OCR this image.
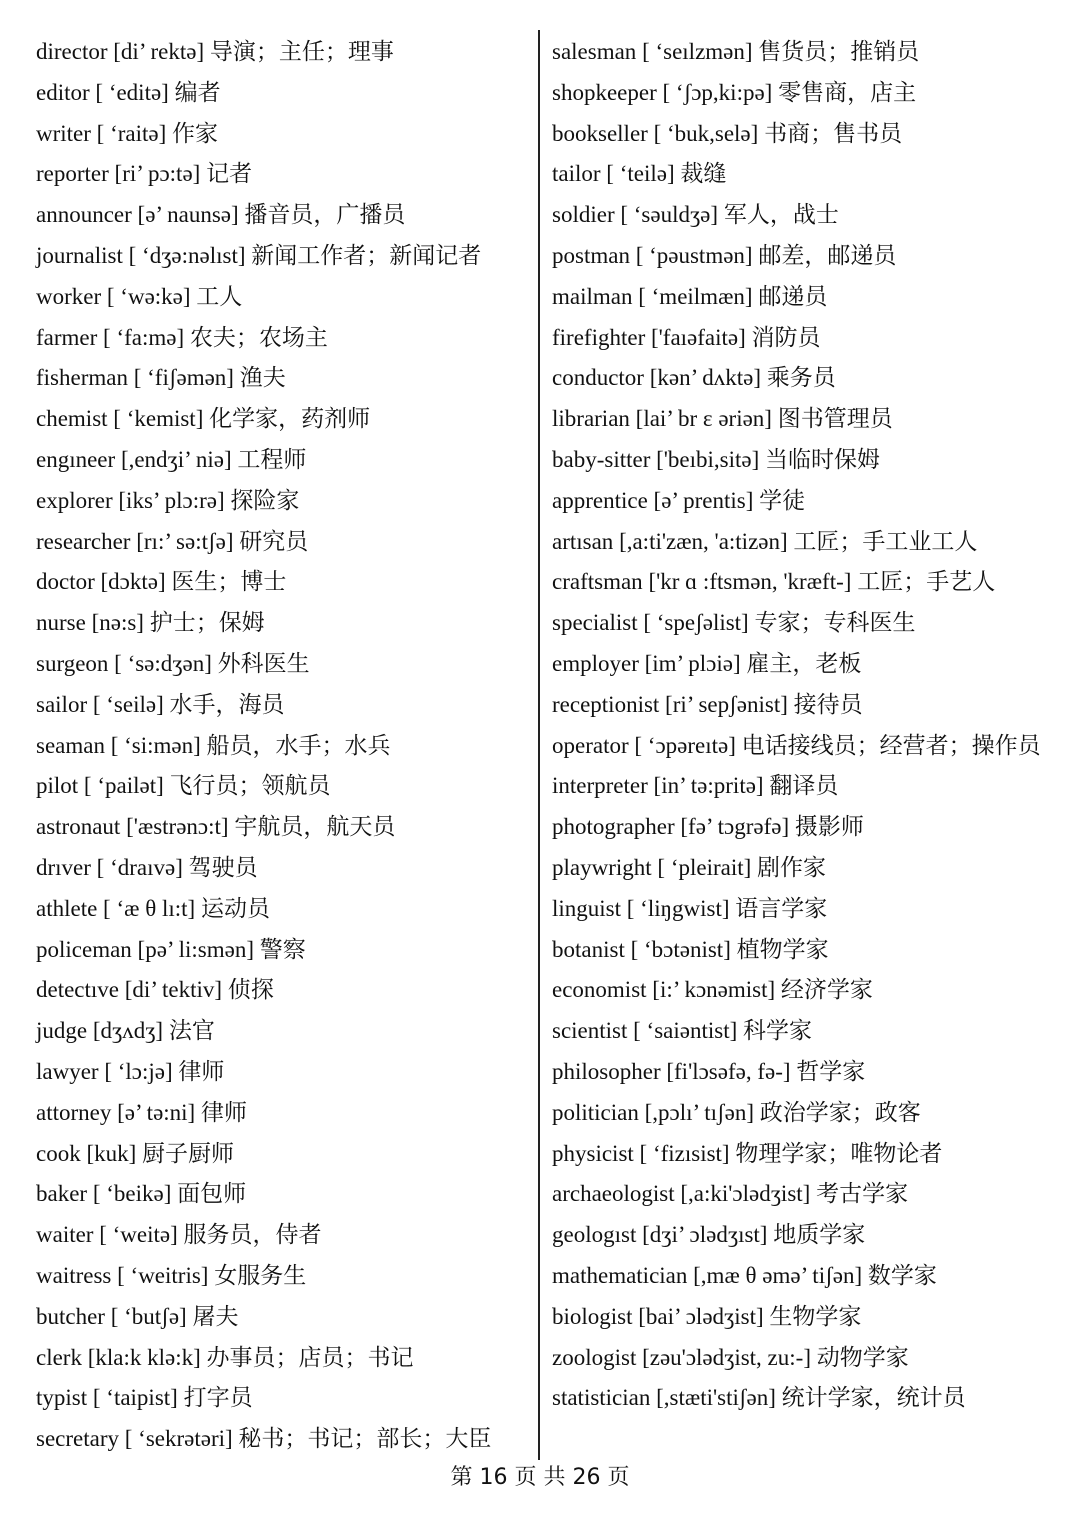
director [di’ rektə] 导演；主任；理事
editor [ ‘editə] 编者
writer [ ‘raitə] 作家
reporter [ri’ pɔ:tə] 记者
announcer [ə’ naunsə] 播音员，广播员
journalist [ ‘dʒə:nəlıst] 新闻工作者；新闻记者
worker [ ‘wə:kə] 工人
farmer [ ‘fa:mə] 农夫；农场主
fisherman [ ‘fiʃəmən] 渔夫
chemist [ ‘kemist] 化学家，药剂师
engıneer [,endʒi’ niə] 工程师
explorer [iks’ plɔ:rə] 探险家
researcher [rı:’ sə:tʃə] 研究员
doctor [dɔktə] 医生；博士
nurse [nə:s] 护士；保姆
surgeon [ ‘sə:dʒən] 外科医生
sailor [ ‘seilə] 水手，海员
seaman [ ‘si:mən] 船员，水手；水兵
pilot [ ‘pailət] 飞行员；领航员
astronaut ['æstrənɔ:t] 宇航员，航天员
drıver [ ‘draıvə] 驾驶员
athlete [ ‘æ θ lı:t] 运动员
policeman [pə’ li:smən] 警察
detectıve [di’ tektiv] 侦探
judge [dʒʌdʒ] 法官
lawyer [ ‘lɔ:jə] 律师
attorney [ə’ tə:ni] 律师
cook [kuk] 厨子厨师
baker [ ‘beikə] 面包师
waiter [ ‘weitə] 服务员，侍者
waitress [ ‘weitris] 女服务生
butcher [ ‘butʃə] 屠夫
clerk [kla:k klə:k] 办事员；店员；书记
typist [ ‘taipist] 打字员
secretary [ ‘sekrətəri] 秘书；书记；部长；大臣
salesman [ ‘seılzmən] 售货员；推销员
shopkeeper [ ‘ʃɔp,ki:pə] 零售商，店主
bookseller [ ‘buk,selə] 书商；售书员
tailor [ ‘teilə] 裁缝
soldier [ ‘səuldʒə] 军人，战士
postman [ ‘pəustmən] 邮差，邮递员
mailman [ ‘meilmæn] 邮递员
firefighter ['faıəfaitə] 消防员
conductor [kən’ dʌktə] 乘务员
librarian [lai’ br ε əriən] 图书管理员
baby-sitter ['beıbi,sitə] 当临时保姆
apprentice [ə’ prentis] 学徒
artısan [,a:ti'zæn, 'a:tizən] 工匠；手工业工人
craftsman ['kr ɑ :ftsmən, 'kræft-] 工匠；手艺人
specialist [ ‘speʃəlist] 专家；专科医生
employer [im’ plɔiə] 雇主，老板
receptionist [ri’ sepʃənist] 接待员
operator [ ‘ɔpəreıtə] 电话接线员；经营者；操作员
interpreter [in’ tə:pritə] 翻译员
photographer [fə’ tɔgrəfə] 摄影师
playwright [ ‘pleirait] 剧作家
linguist [ ‘liŋgwist] 语言学家
botanist [ ‘bɔtənist] 植物学家
economist [i:’ kɔnəmist] 经济学家
scientist [ ‘saiəntist] 科学家
philosopher [fi'lɔsəfə, fə-] 哲学家
politician [,pɔlı’ tıʃən] 政治学家；政客
physicist [ ‘fizısist] 物理学家；唯物论者
archaeologist [,a:ki'ɔlədʒist] 考古学家
geologıst [dʒi’ ɔlədʒıst] 地质学家
mathematician [,mæ θ əmə’ tiʃən] 数学家
biologist [bai’ ɔlədʒist] 生物学家
zoologist [zəu'ɔlədʒist, zu:-] 动物学家
statistician [,stæti'stiʃən] 统计学家，统计员
第 16 页 共 26 页
